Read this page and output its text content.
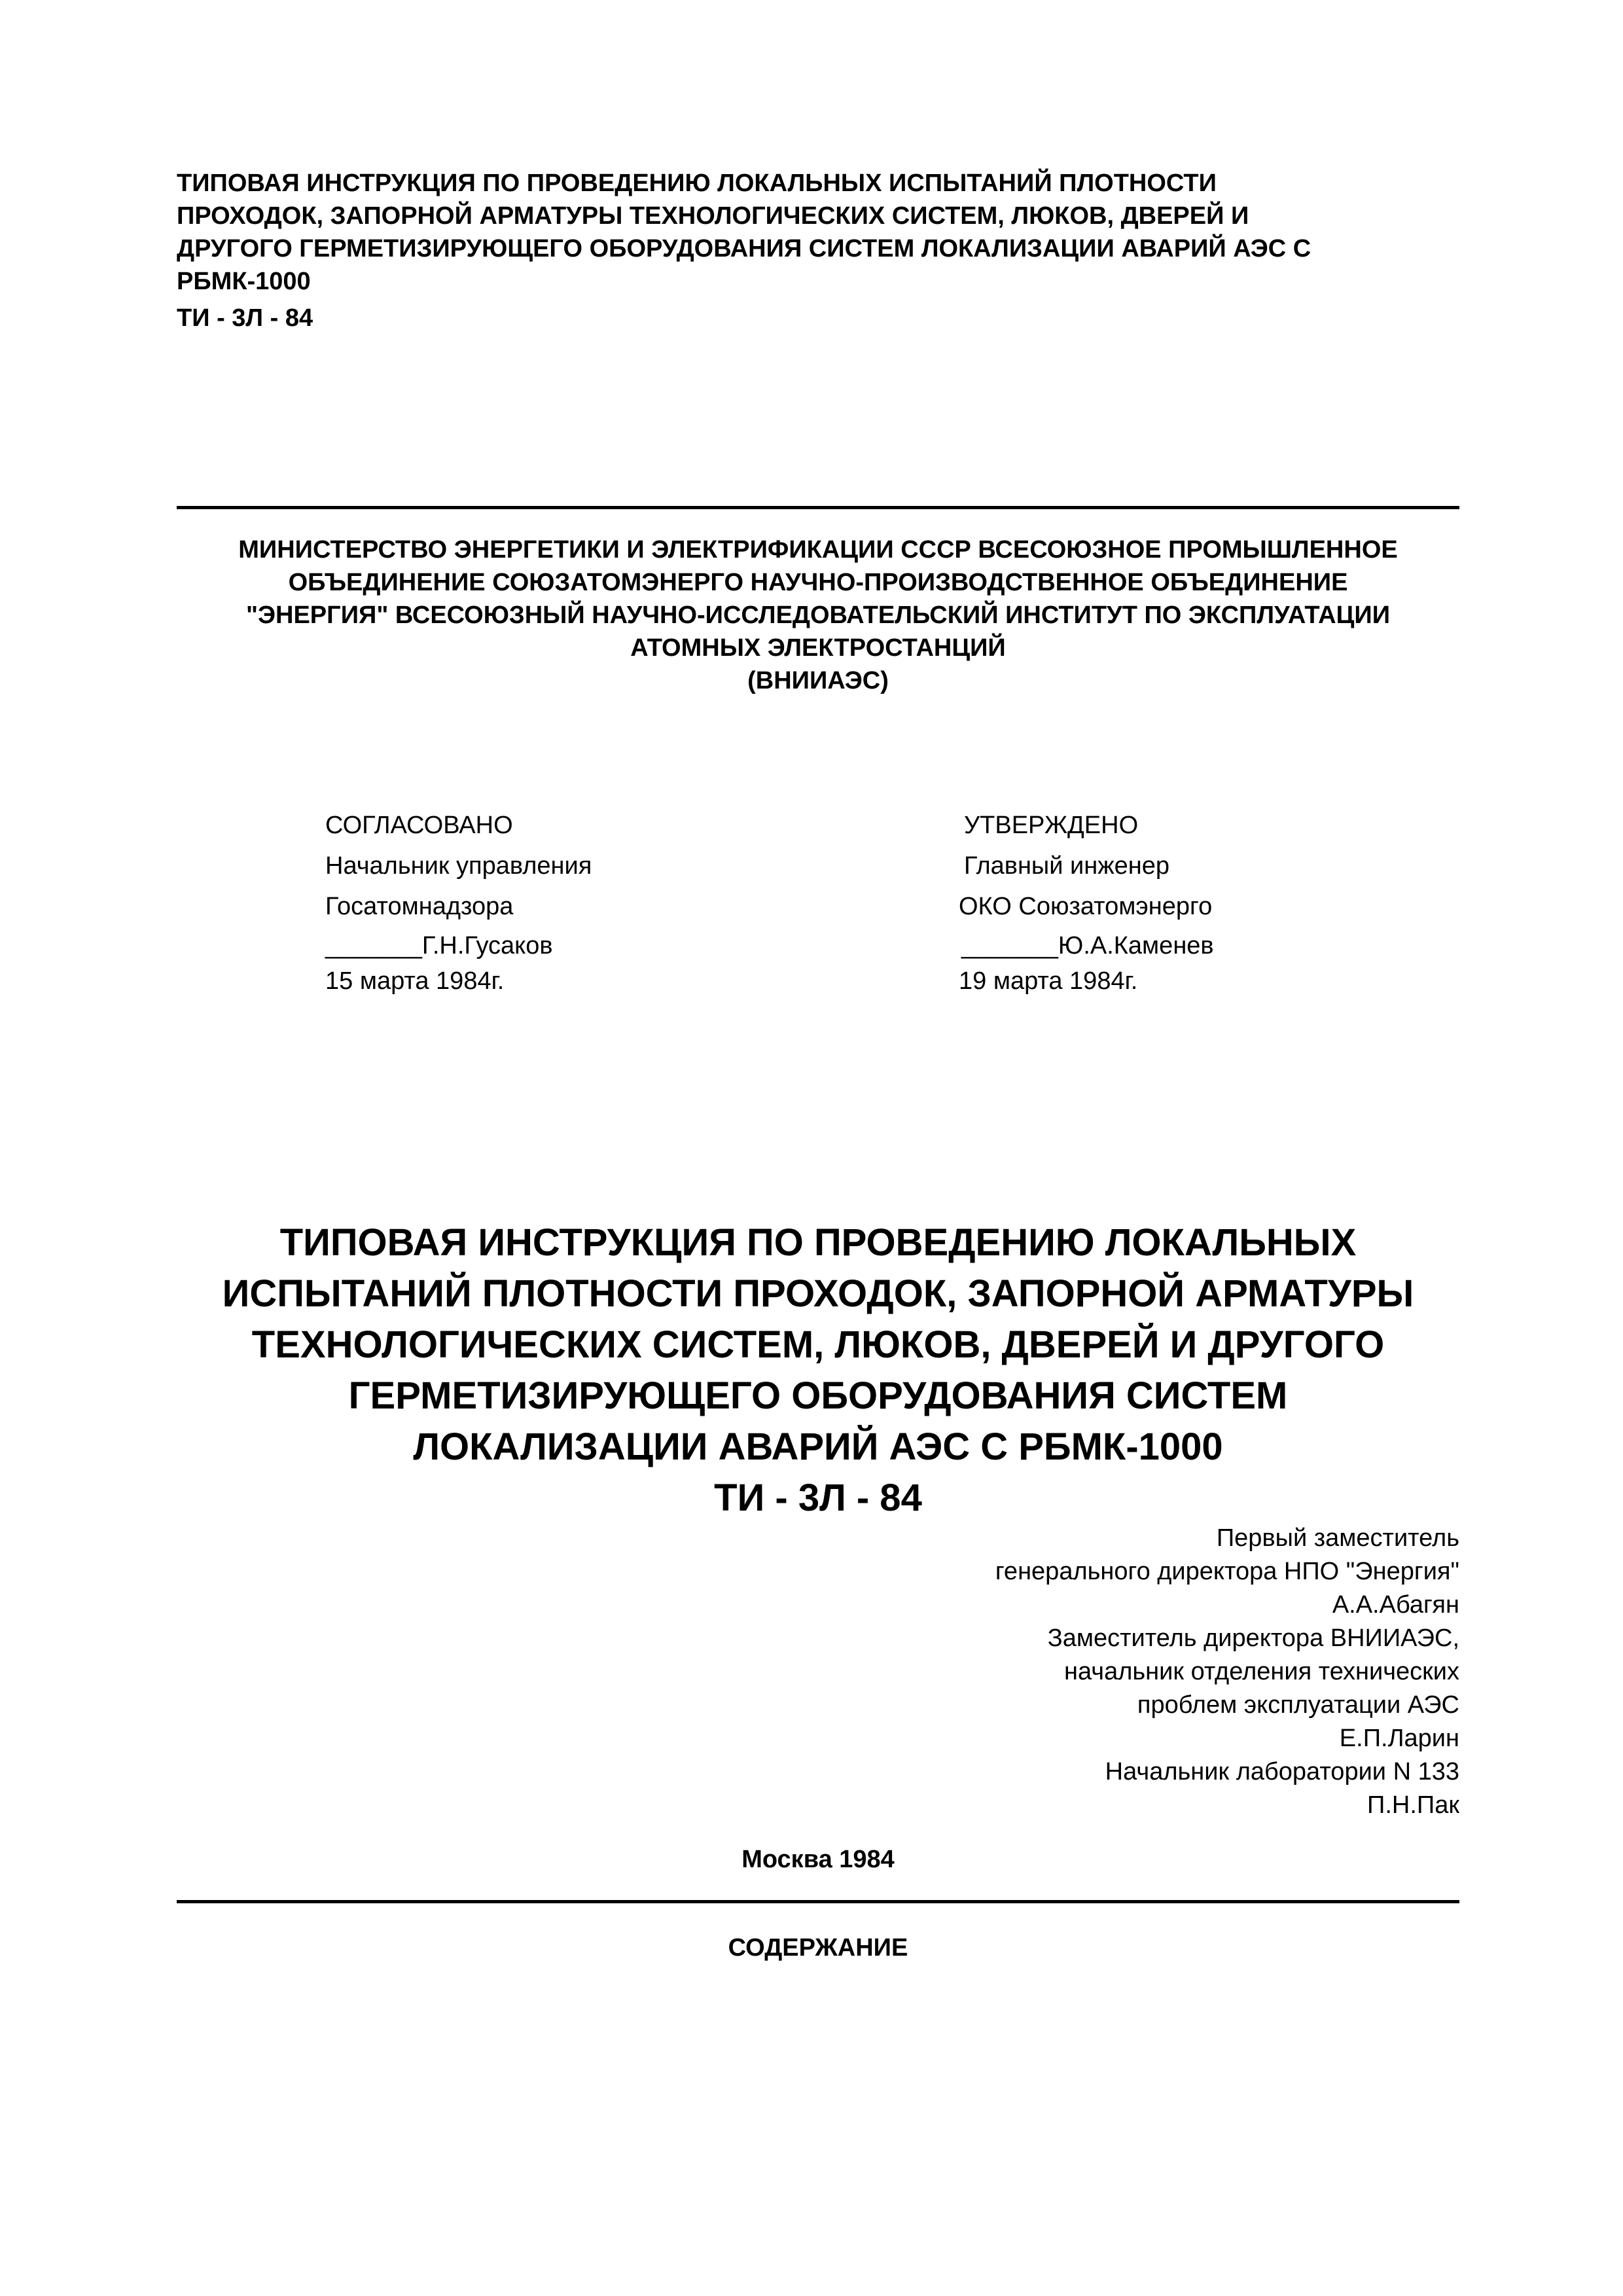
ТИПОВАЯ ИНСТРУКЦИЯ ПО ПРОВЕДЕНИЮ ЛОКАЛЬНЫХ ИСПЫТАНИЙ ПЛОТНОСТИ
ПРОХОДОК, ЗАПОРНОЙ АРМАТУРЫ ТЕХНОЛОГИЧЕСКИХ СИСТЕМ, ЛЮКОВ, ДВЕРЕЙ И
ДРУГОГО ГЕРМЕТИЗИРУЮЩЕГО ОБОРУДОВАНИЯ СИСТЕМ ЛОКАЛИЗАЦИИ АВАРИЙ АЭС С
РБМК-1000
ТИ - 3Л - 84
МИНИСТЕРСТВО ЭНЕРГЕТИКИ И ЭЛЕКТРИФИКАЦИИ СССР ВСЕСОЮЗНОЕ ПРОМЫШЛЕННОЕ
ОБЪЕДИНЕНИЕ СОЮЗАТОМЭНЕРГО НАУЧНО-ПРОИЗВОДСТВЕННОЕ ОБЪЕДИНЕНИЕ
"ЭНЕРГИЯ" ВСЕСОЮЗНЫЙ НАУЧНО-ИССЛЕДОВАТЕЛЬСКИЙ ИНСТИТУТ ПО ЭКСПЛУАТАЦИИ
АТОМНЫХ ЭЛЕКТРОСТАНЦИЙ
(ВНИИАЭС)
СОГЛАСОВАНО
Начальник управления
Госатомнадзора
_______Г.Н.Гусаков
15 марта 1984г.
УТВЕРЖДЕНО
Главный инженер
ОКО Союзатомэнерго
_______Ю.А.Каменев
19 марта 1984г.
ТИПОВАЯ ИНСТРУКЦИЯ ПО ПРОВЕДЕНИЮ ЛОКАЛЬНЫХ
ИСПЫТАНИЙ ПЛОТНОСТИ ПРОХОДОК, ЗАПОРНОЙ АРМАТУРЫ
ТЕХНОЛОГИЧЕСКИХ СИСТЕМ, ЛЮКОВ, ДВЕРЕЙ И ДРУГОГО
ГЕРМЕТИЗИРУЮЩЕГО ОБОРУДОВАНИЯ СИСТЕМ
ЛОКАЛИЗАЦИИ АВАРИЙ АЭС С РБМК-1000
ТИ - 3Л - 84
Первый заместитель
генерального директора НПО "Энергия"
А.А.Абагян
Заместитель директора ВНИИАЭС,
начальник отделения технических
проблем эксплуатации АЭС
Е.П.Ларин
Начальник лаборатории N 133
П.Н.Пак
Москва 1984
СОДЕРЖАНИЕ
